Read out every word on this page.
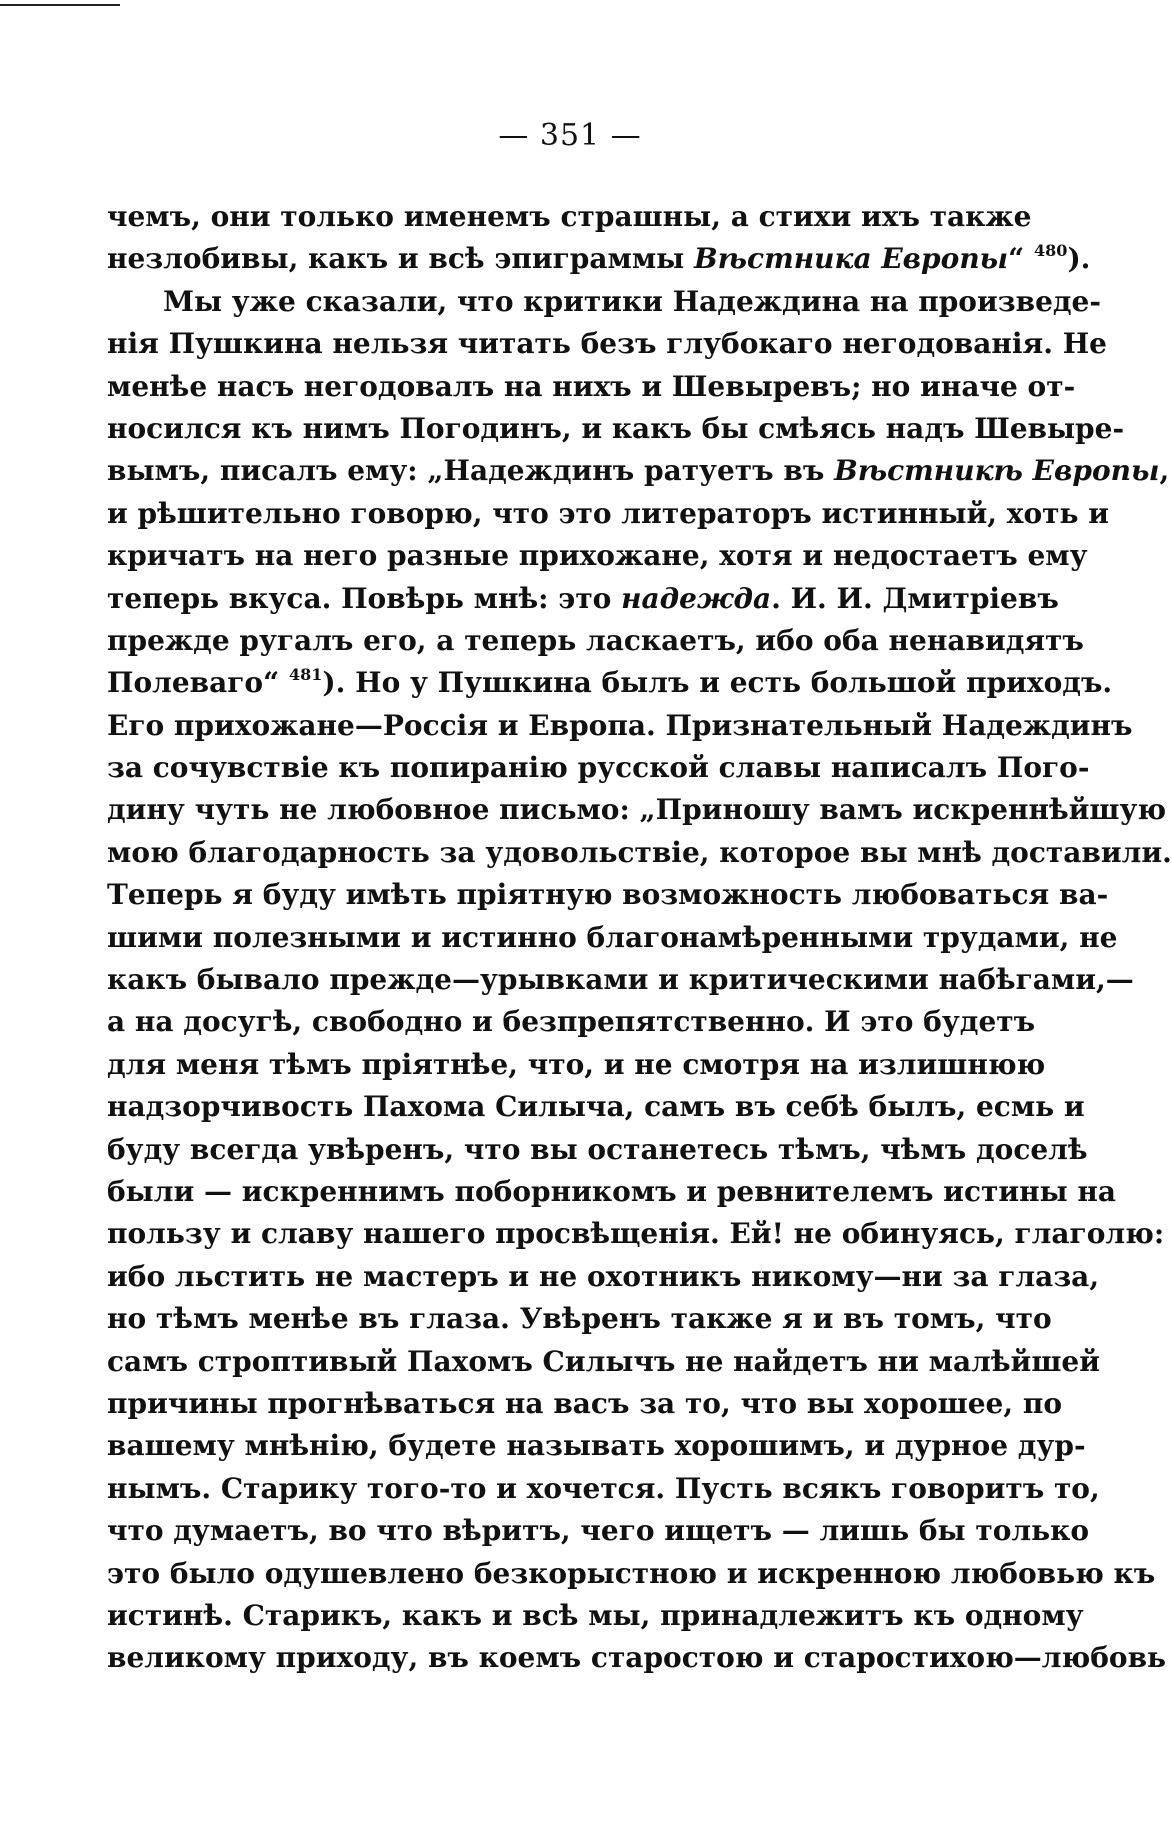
— 351 —
чемъ, они только именемъ страшны, а стихи ихъ также
незлобивы, какъ и всѣ эпиграммы Вѣстника Европы“ $^{480}$).
Мы уже сказали, что критики Надеждина на произведе-
нія Пушкина нельзя читать безъ глубокаго негодованія. Не
менѣе насъ негодовалъ на нихъ и Шевыревъ; но иначе от-
носился къ нимъ Погодинъ, и какъ бы смѣясь надъ Шевыре-
вымъ, писалъ ему: „Надеждинъ ратуетъ въ Вѣстникѣ Европы,
и рѣшительно говорю, что это литераторъ истинный, хоть и
кричатъ на него разные прихожане, хотя и недостаетъ ему
теперь вкуса. Повѣрь мнѣ: это надежда. И. И. Дмитріевъ
прежде ругалъ его, а теперь ласкаетъ, ибо оба ненавидятъ
Полеваго“ $^{481}$). Но у Пушкина былъ и есть большой приходъ.
Его прихожане—Россія и Европа. Признательный Надеждинъ
за сочувствіе къ попиранію русской славы написалъ Пого-
дину чуть не любовное письмо: „Приношу вамъ искреннѣйшую
мою благодарность за удовольствіе, которое вы мнѣ доставили.
Теперь я буду имѣть пріятную возможность любоваться ва-
шими полезными и истинно благонамѣренными трудами, не
какъ бывало прежде—урывками и критическими набѣгами,—
а на досугѣ, свободно и безпрепятственно. И это будетъ
для меня тѣмъ пріятнѣе, что, и не смотря на излишнюю
надзорчивость Пахома Силыча, самъ въ себѣ былъ, есмь и
буду всегда увѣренъ, что вы останетесь тѣмъ, чѣмъ доселѣ
были — искреннимъ поборникомъ и ревнителемъ истины на
пользу и славу нашего просвѣщенія. Ей! не обинуясь, глаголю:
ибо льстить не мастеръ и не охотникъ никому—ни за глаза,
но тѣмъ менѣе въ глаза. Увѣренъ также я и въ томъ, что
самъ строптивый Пахомъ Силычъ не найдетъ ни малѣйшей
причины прогнѣваться на васъ за то, что вы хорошее, по
вашему мнѣнію, будете называть хорошимъ, и дурное дур-
нымъ. Старику того-то и хочется. Пусть всякъ говоритъ то,
что думаетъ, во что вѣритъ, чего ищетъ — лишь бы только
это было одушевлено безкорыстною и искренною любовью къ
истинѣ. Старикъ, какъ и всѣ мы, принадлежитъ къ одному
великому приходу, въ коемъ старостою и старостихою—любовь
